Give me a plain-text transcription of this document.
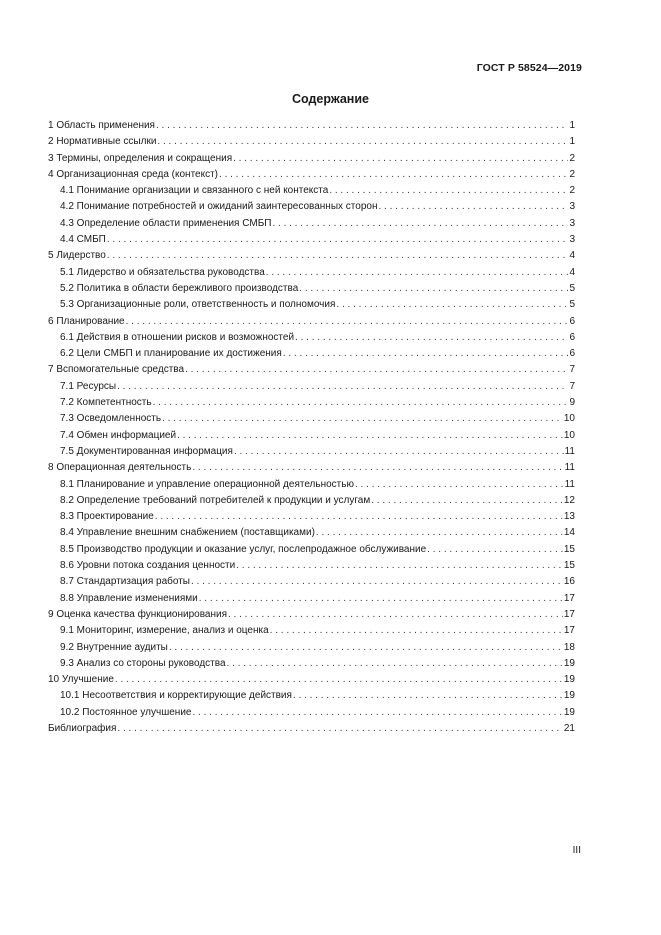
ГОСТ Р 58524—2019
Содержание
1 Область применения . . .	1
2 Нормативные ссылки . . .	1
3 Термины, определения и сокращения . . .	2
4 Организационная среда (контекст) . . .	2
4.1 Понимание организации и связанного с ней контекста . . .	2
4.2 Понимание потребностей и ожиданий заинтересованных сторон . . .	3
4.3 Определение области применения СМБП . . .	3
4.4 СМБП . . .	3
5 Лидерство . . .	4
5.1 Лидерство и обязательства руководства . . .	4
5.2 Политика в области бережливого производства . . .	5
5.3 Организационные роли, ответственность и полномочия . . .	5
6 Планирование . . .	6
6.1 Действия в отношении рисков и возможностей . . .	6
6.2 Цели СМБП и планирование их достижения . . .	6
7 Вспомогательные средства . . .	7
7.1 Ресурсы . . .	7
7.2 Компетентность . . .	9
7.3 Осведомленность . . .	10
7.4 Обмен информацией . . .	10
7.5 Документированная информация . . .	11
8 Операционная деятельность . . .	11
8.1 Планирование и управление операционной деятельностью . . .	11
8.2 Определение требований потребителей к продукции и услугам . . .	12
8.3 Проектирование . . .	13
8.4 Управление внешним снабжением (поставщиками) . . .	14
8.5 Производство продукции и оказание услуг, послепродажное обслуживание . . .	15
8.6 Уровни потока создания ценности . . .	15
8.7 Стандартизация работы . . .	16
8.8 Управление изменениями . . .	17
9 Оценка качества функционирования . . .	17
9.1 Мониторинг, измерение, анализ и оценка . . .	17
9.2 Внутренние аудиты . . .	18
9.3 Анализ со стороны руководства . . .	19
10 Улучшение . . .	19
10.1 Несоответствия и корректирующие действия . . .	19
10.2 Постоянное улучшение . . .	19
Библиография . . .	21
III
